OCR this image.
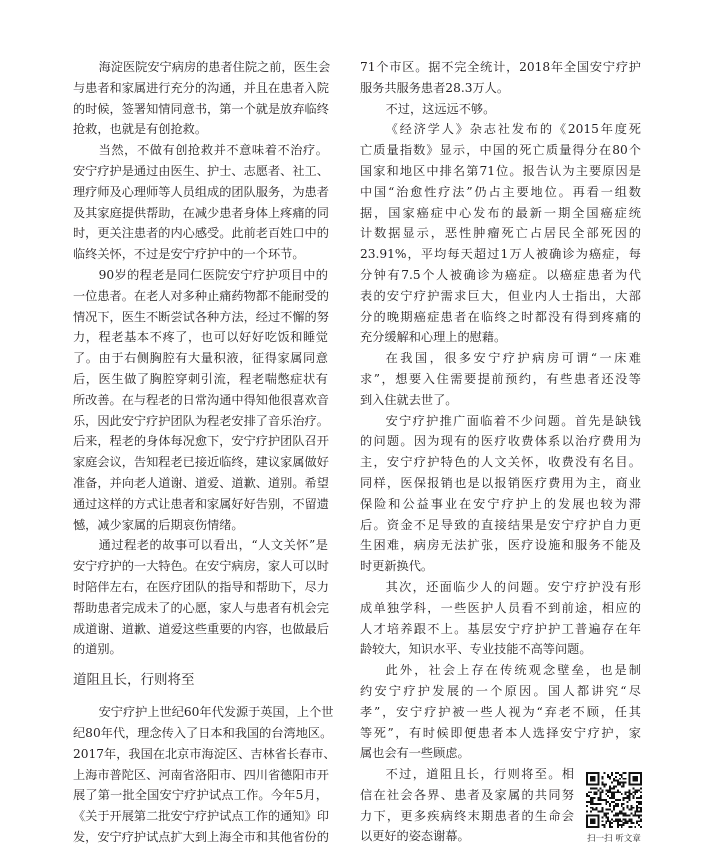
海淀医院安宁病房的患者住院之前，医生会
与患者和家属进行充分的沟通，并且在患者入院
的时候，签署知情同意书，第一个就是放弃临终
抢救，也就是有创抢救。
当然，不做有创抢救并不意味着不治疗。
安宁疗护是通过由医生、护士、志愿者、社工、
理疗师及心理师等人员组成的团队服务，为患者
及其家庭提供帮助，在减少患者身体上疼痛的同
时，更关注患者的内心感受。此前老百姓口中的
临终关怀，不过是安宁疗护中的一个环节。
90岁的程老是同仁医院安宁疗护项目中的
一位患者。在老人对多种止痛药物都不能耐受的
情况下，医生不断尝试各种方法，经过不懈的努
力，程老基本不疼了，也可以好好吃饭和睡觉
了。由于右侧胸腔有大量积液，征得家属同意
后，医生做了胸腔穿刺引流，程老喘憋症状有
所改善。在与程老的日常沟通中得知他很喜欢音
乐，因此安宁疗护团队为程老安排了音乐治疗。
后来，程老的身体每况愈下，安宁疗护团队召开
家庭会议，告知程老已接近临终，建议家属做好
准备，并向老人道谢、道爱、道歉、道别。希望
通过这样的方式让患者和家属好好告别，不留遗
憾，减少家属的后期哀伤情绪。
通过程老的故事可以看出，“人文关怀”是
安宁疗护的一大特色。在安宁病房，家人可以时
时陪伴左右，在医疗团队的指导和帮助下，尽力
帮助患者完成未了的心愿，家人与患者有机会完
成道谢、道歉、道爱这些重要的内容，也做最后
的道别。
道阻且长，行则将至
安宁疗护上世纪60年代发源于英国，上个世
纪80年代，理念传入了日本和我国的台湾地区。
2017年，我国在北京市海淀区、吉林省长春市、
上海市普陀区、河南省洛阳市、四川省德阳市开
展了第一批全国安宁疗护试点工作。今年5月，
《关于开展第二批安宁疗护试点工作的通知》印
发，安宁疗护试点扩大到上海全市和其他省份的
71个市区。据不完全统计，2018年全国安宁疗护
服务共服务患者28.3万人。
不过，这远远不够。
《经济学人》杂志社发布的《2015年度死
亡质量指数》显示，中国的死亡质量得分在80个
国家和地区中排名第71位。报告认为主要原因是
中国“治愈性疗法”仍占主要地位。再看一组数
据，国家癌症中心发布的最新一期全国癌症统
计数据显示，恶性肿瘤死亡占居民全部死因的
23.91%，平均每天超过1万人被确诊为癌症，每
分钟有7.5个人被确诊为癌症。以癌症患者为代
表的安宁疗护需求巨大，但业内人士指出，大部
分的晚期癌症患者在临终之时都没有得到疼痛的
充分缓解和心理上的慰藉。
在我国，很多安宁疗护病房可谓“一床难
求”，想要入住需要提前预约，有些患者还没等
到入住就去世了。
安宁疗护推广面临着不少问题。首先是缺钱
的问题。因为现有的医疗收费体系以治疗费用为
主，安宁疗护特色的人文关怀，收费没有名目。
同样，医保报销也是以报销医疗费用为主，商业
保险和公益事业在安宁疗护上的发展也较为滞
后。资金不足导致的直接结果是安宁疗护自力更
生困难，病房无法扩张，医疗设施和服务不能及
时更新换代。
其次，还面临少人的问题。安宁疗护没有形
成单独学科，一些医护人员看不到前途，相应的
人才培养跟不上。基层安宁疗护护工普遍存在年
龄较大，知识水平、专业技能不高等问题。
此外，社会上存在传统观念壁垒，也是制
约安宁疗护发展的一个原因。国人都讲究“尽
孝”，安宁疗护被一些人视为“弃老不顾，任其
等死”，有时候即便患者本人选择安宁疗护，家
属也会有一些顾虑。
不过，道阻且长，行则将至。相
信在社会各界、患者及家属的共同努
力下，更多疾病终末期患者的生命会
以更好的姿态谢幕。	扫一扫 听文章
